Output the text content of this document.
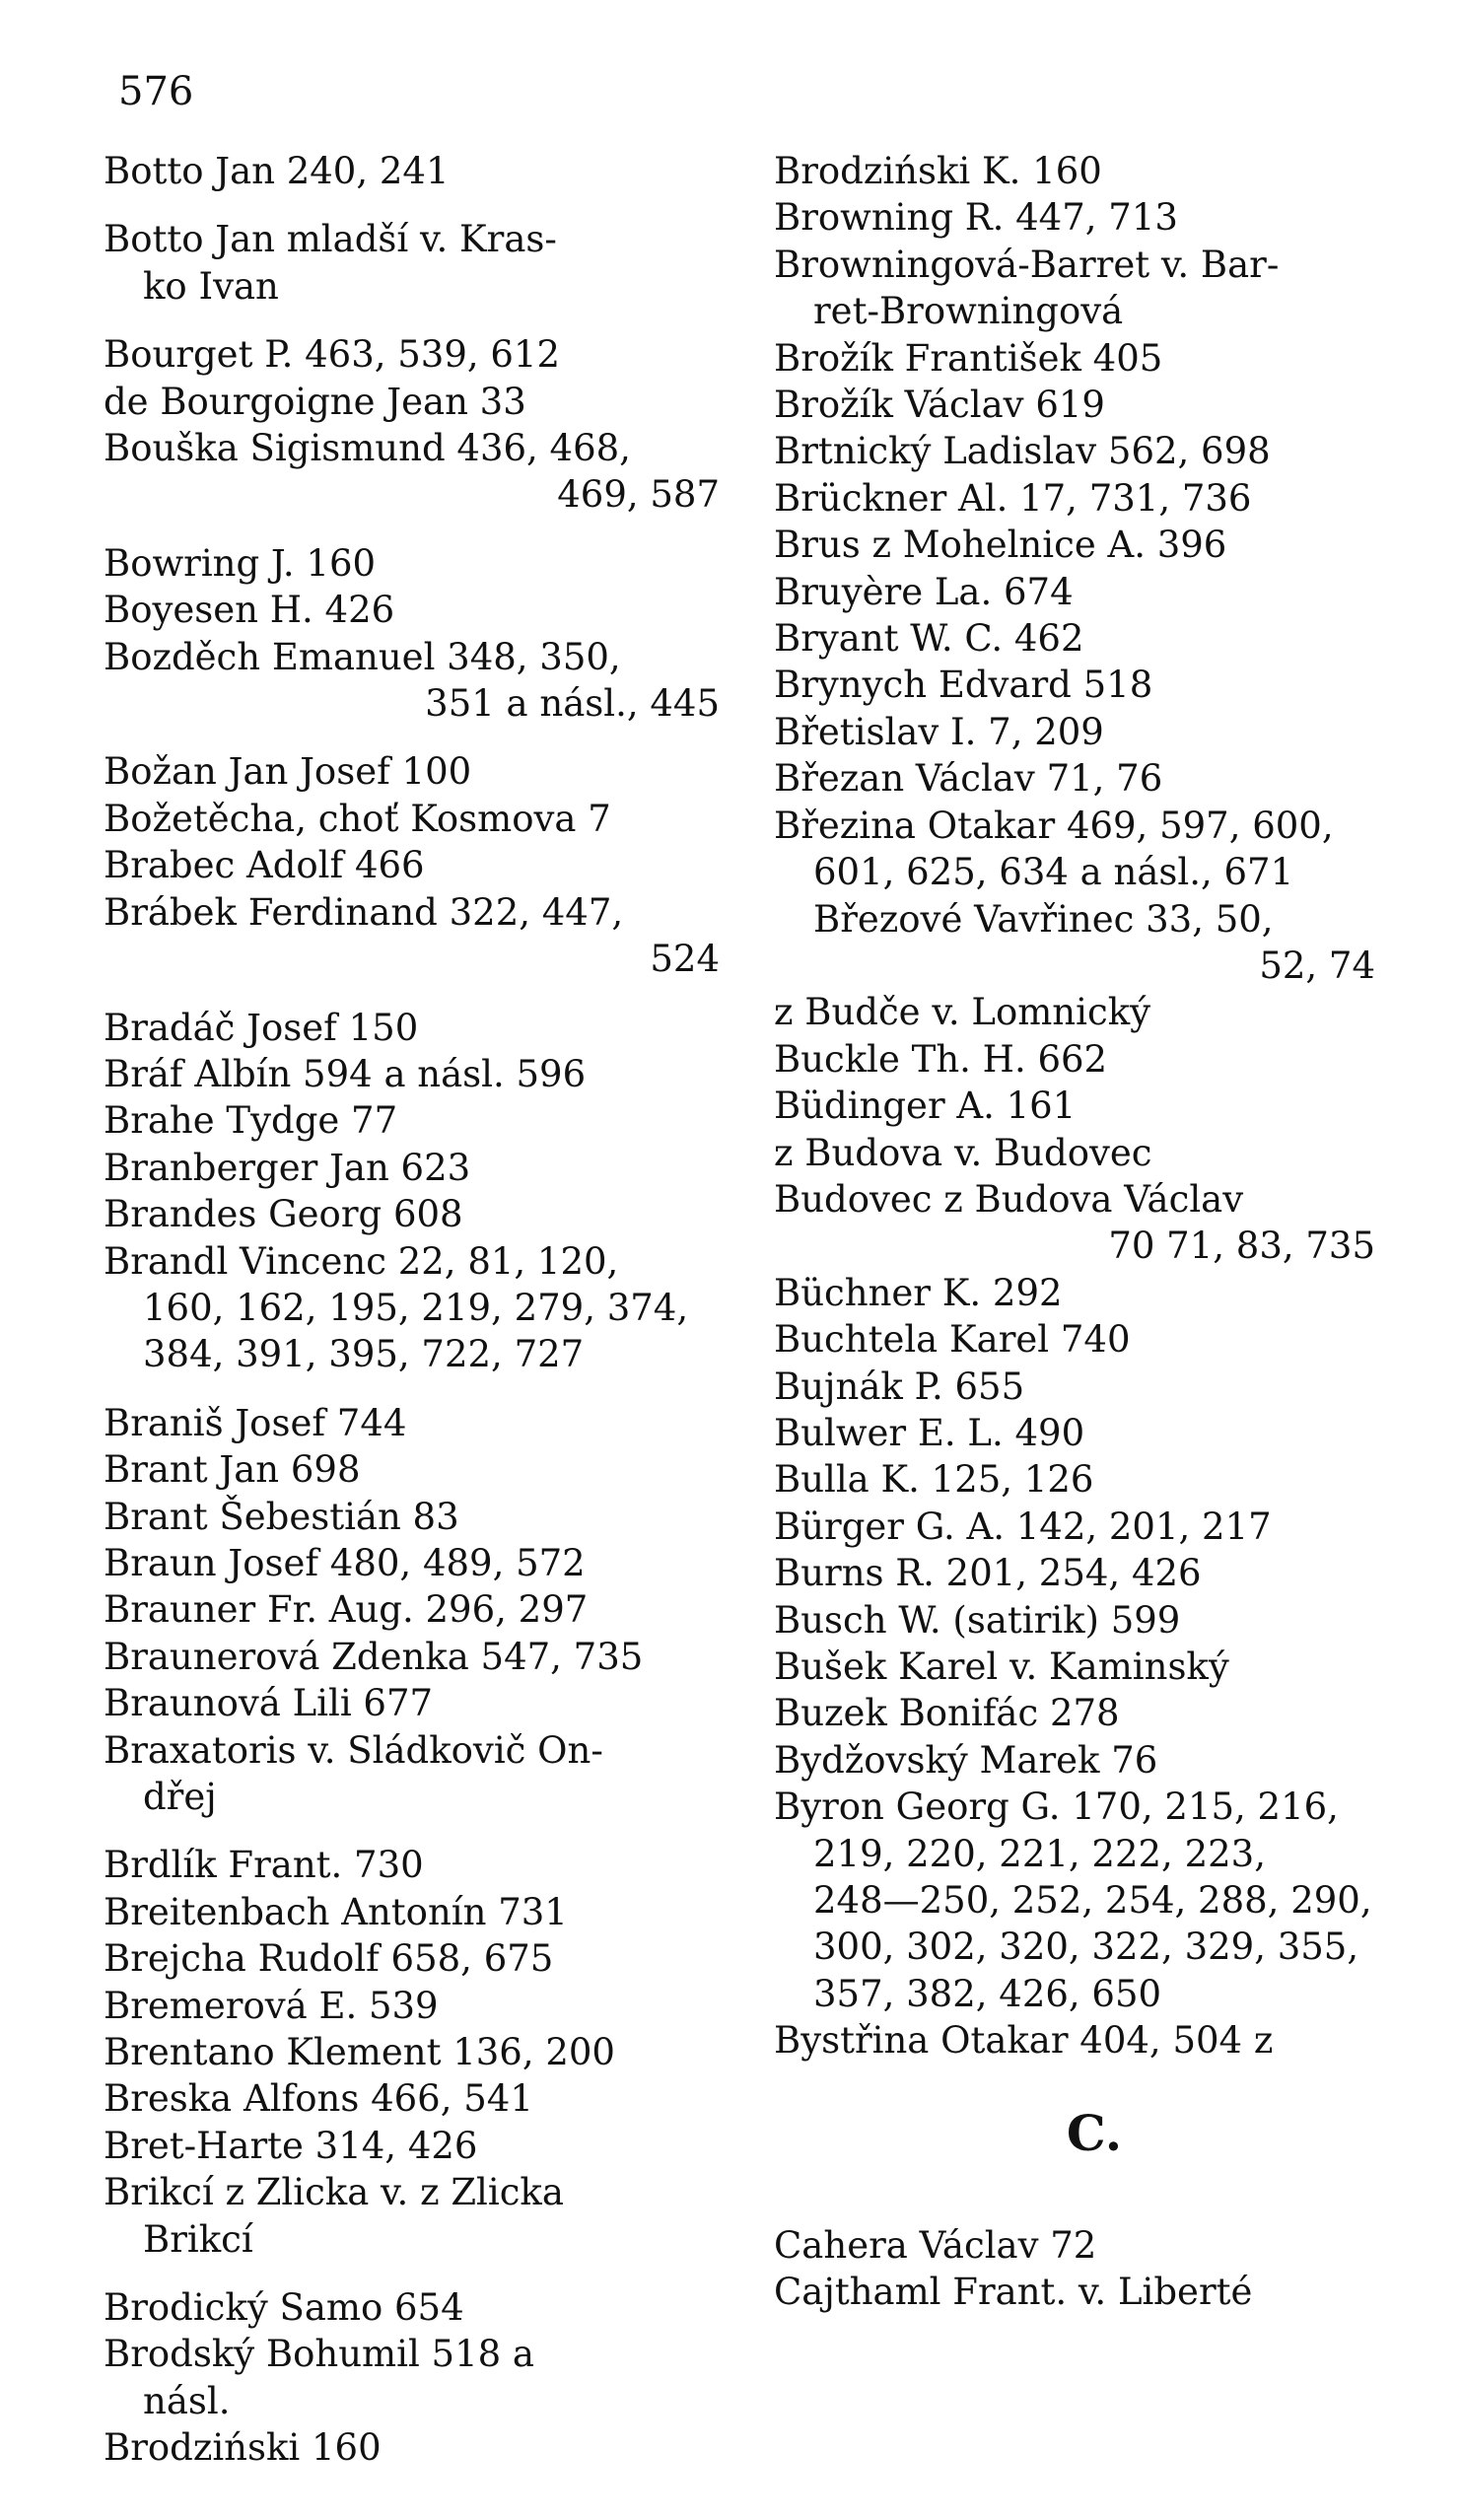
576
Botto Jan 240, 241
Botto Jan mladší v. Kras-
ko Ivan
Bourget P. 463, 539, 612
de Bourgoigne Jean 33
Bouška Sigismund 436, 468,
469, 587
Bowring J. 160
Boyesen H. 426
Bozděch Emanuel 348, 350,
351 a násl., 445
Božan Jan Josef 100
Božetěcha, choť Kosmova 7
Brabec Adolf 466
Brábek Ferdinand 322, 447,
524
Bradáč Josef 150
Bráf Albín 594 a násl. 596
Brahe Tydge 77
Branberger Jan 623
Brandes Georg 608
Brandl Vincenc 22, 81, 120,
160, 162, 195, 219, 279, 374,
384, 391, 395, 722, 727
Braniš Josef 744
Brant Jan 698
Brant Šebestián 83
Braun Josef 480, 489, 572
Brauner Fr. Aug. 296, 297
Braunerová Zdenka 547, 735
Braunová Lili 677
Braxatoris v. Sládkovič On-
dřej
Brdlík Frant. 730
Breitenbach Antonín 731
Brejcha Rudolf 658, 675
Bremerová E. 539
Brentano Klement 136, 200
Breska Alfons 466, 541
Bret-Harte 314, 426
Brikcí z Zlicka v. z Zlicka
Brikcí
Brodický Samo 654
Brodský Bohumil 518 a
násl.
Brodziński 160
Brodziński K. 160
Browning R. 447, 713
Browningová-Barret v. Bar-
ret-Browningová
Brožík František 405
Brožík Václav 619
Brtnický Ladislav 562, 698
Brückner Al. 17, 731, 736
Brus z Mohelnice A. 396
Bruyère La. 674
Bryant W. C. 462
Brynych Edvard 518
Břetislav I. 7, 209
Březan Václav 71, 76
Březina Otakar 469, 597, 600,
601, 625, 634 a násl., 671
Březové Vavřinec 33, 50,
52, 74
z Budče v. Lomnický
Buckle Th. H. 662
Büdinger A. 161
z Budova v. Budovec
Budovec z Budova Václav
70 71, 83, 735
Büchner K. 292
Buchtela Karel 740
Bujnák P. 655
Bulwer E. L. 490
Bulla K. 125, 126
Bürger G. A. 142, 201, 217
Burns R. 201, 254, 426
Busch W. (satirik) 599
Bušek Karel v. Kaminský
Buzek Bonifác 278
Bydžovský Marek 76
Byron Georg G. 170, 215, 216,
219, 220, 221, 222, 223,
248—250, 252, 254, 288, 290,
300, 302, 320, 322, 329, 355,
357, 382, 426, 650
Bystřina Otakar 404, 504 z
C.
Cahera Václav 72
Cajthaml Frant. v. Liberté
